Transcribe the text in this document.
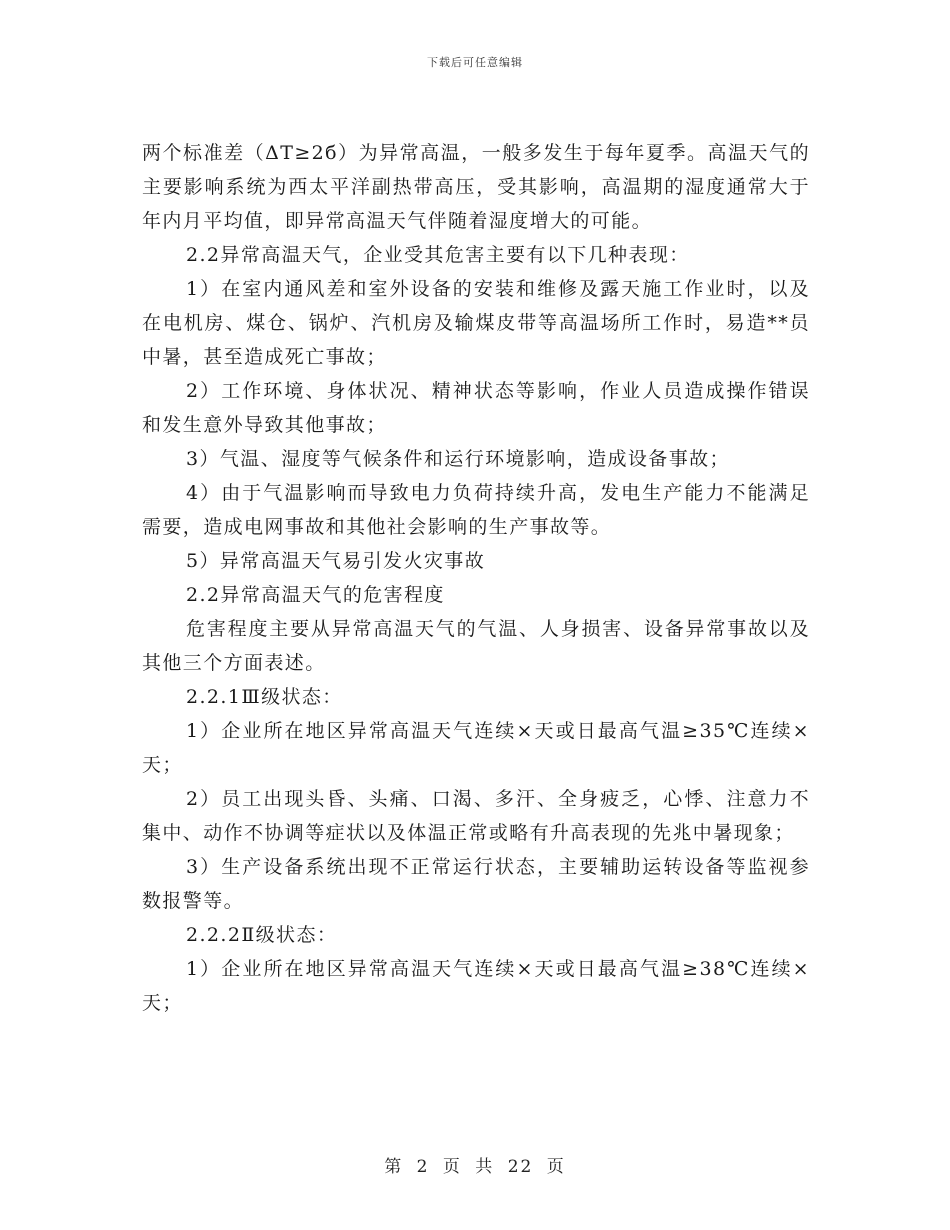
下载后可任意编辑

两个标准差（ΔT≥2б）为异常高温，一般多发生于每年夏季。高温天气的主要影响系统为西太平洋副热带高压，受其影响，高温期的湿度通常大于年内月平均值，即异常高温天气伴随着湿度增大的可能。

2.2异常高温天气，企业受其危害主要有以下几种表现：

1）在室内通风差和室外设备的安装和维修及露天施工作业时，以及在电机房、煤仓、锅炉、汽机房及输煤皮带等高温场所工作时，易造**员中暑，甚至造成死亡事故；

2）工作环境、身体状况、精神状态等影响，作业人员造成操作错误和发生意外导致其他事故；

3）气温、湿度等气候条件和运行环境影响，造成设备事故；

4）由于气温影响而导致电力负荷持续升高，发电生产能力不能满足需要，造成电网事故和其他社会影响的生产事故等。

5）异常高温天气易引发火灾事故

2.2异常高温天气的危害程度

危害程度主要从异常高温天气的气温、人身损害、设备异常事故以及其他三个方面表述。

2.2.1Ⅲ级状态：

1）企业所在地区异常高温天气连续×天或日最高气温≥35℃连续×天；

2）员工出现头昏、头痛、口渴、多汗、全身疲乏，心悸、注意力不集中、动作不协调等症状以及体温正常或略有升高表现的先兆中暑现象；

3）生产设备系统出现不正常运行状态，主要辅助运转设备等监视参数报警等。

2.2.2Ⅱ级状态：

1）企业所在地区异常高温天气连续×天或日最高气温≥38℃连续×天；

第 2 页 共 22 页
